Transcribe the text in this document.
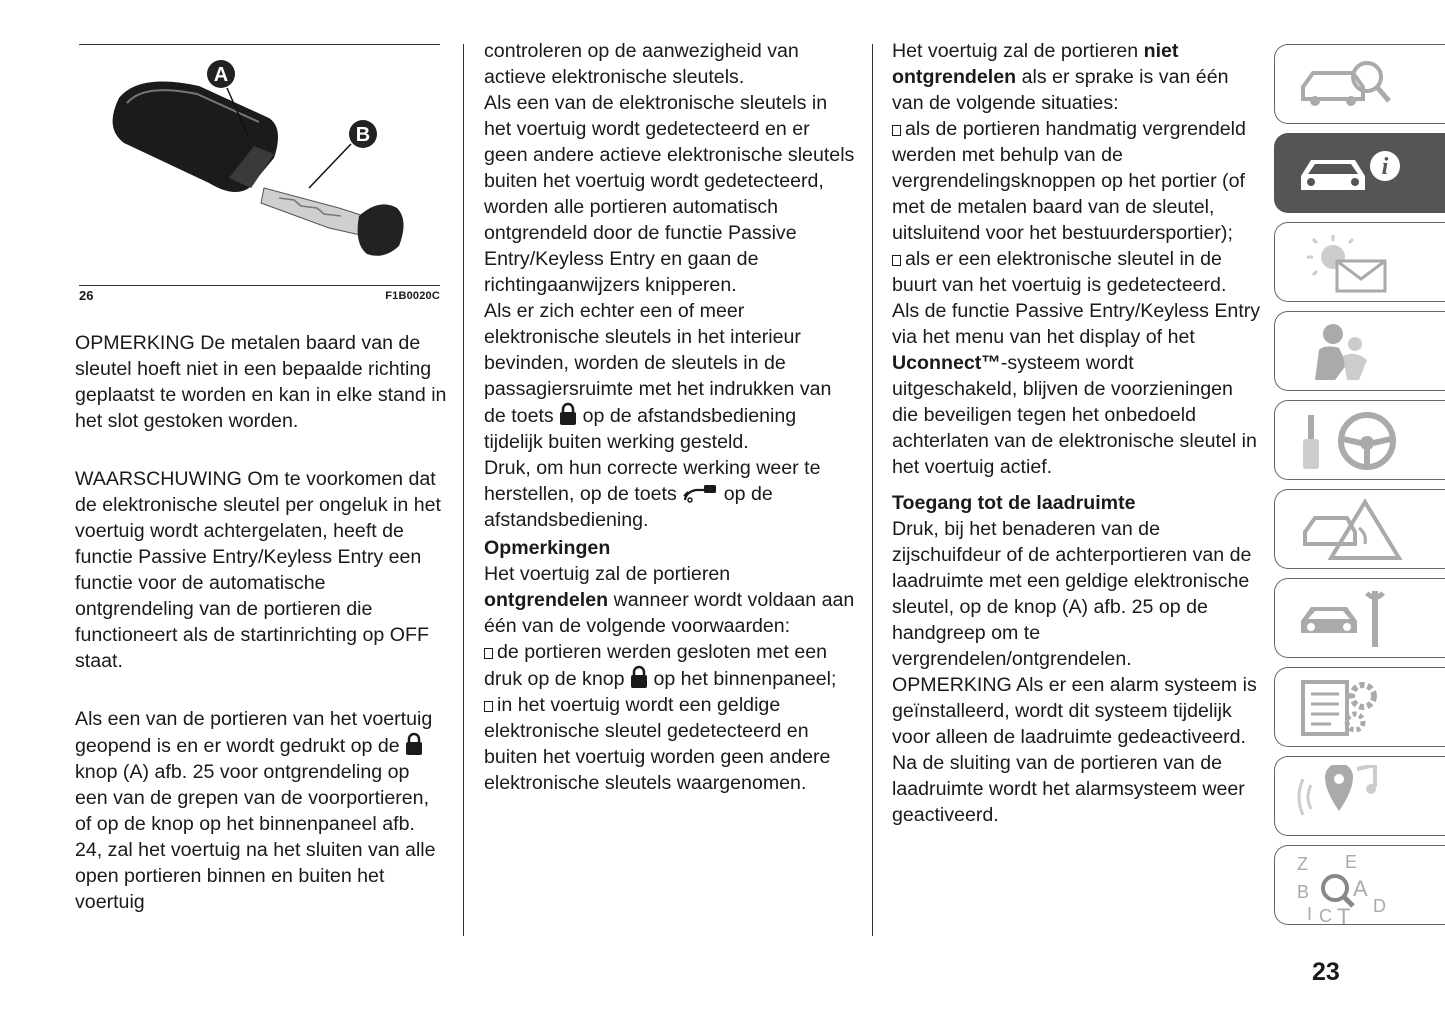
A
B
26	F1B0020C

OPMERKING De metalen baard van de sleutel hoeft niet in een bepaalde richting geplaatst te worden en kan in elke stand in het slot gestoken worden.

WAARSCHUWING Om te voorkomen dat de elektronische sleutel per ongeluk in het voertuig wordt achtergelaten, heeft de functie Passive Entry/Keyless Entry een functie voor de automatische ontgrendeling van de portieren die functioneert als de startinrichting op OFF staat.

Als een van de portieren van het voertuig geopend is en er wordt gedrukt op de  knop (A) afb. 25 voor ontgrendeling op een van de grepen van de voorportieren, of op de knop op het binnenpaneel afb. 24, zal het voertuig na het sluiten van alle open portieren binnen en buiten het voertuig

controleren op de aanwezigheid van actieve elektronische sleutels.

Als een van de elektronische sleutels in het voertuig wordt gedetecteerd en er geen andere actieve elektronische sleutels buiten het voertuig wordt gedetecteerd, worden alle portieren automatisch ontgrendeld door de functie Passive Entry/Keyless Entry en gaan de richtingaanwijzers knipperen.

Als er zich echter een of meer elektronische sleutels in het interieur bevinden, worden de sleutels in de passagiersruimte met het indrukken van de toets op de afstandsbediening tijdelijk buiten werking gesteld.

Druk, om hun correcte werking weer te herstellen, op de toets op de afstandsbediening.

Opmerkingen

Het voertuig zal de portieren ontgrendelen wanneer wordt voldaan aan één van de volgende voorwaarden:

de portieren werden gesloten met een druk op de knop op het binnenpaneel;

in het voertuig wordt een geldige elektronische sleutel gedetecteerd en buiten het voertuig worden geen andere elektronische sleutels waargenomen.

Het voertuig zal de portieren niet ontgrendelen als er sprake is van één van de volgende situaties:

als de portieren handmatig vergrendeld werden met behulp van de vergrendelingsknoppen op het portier (of met de metalen baard van de sleutel, uitsluitend voor het bestuurdersportier);

als er een elektronische sleutel in de buurt van het voertuig is gedetecteerd.

Als de functie Passive Entry/Keyless Entry via het menu van het display of het Uconnect™-systeem wordt uitgeschakeld, blijven de voorzieningen die beveiligen tegen het onbedoeld achterlaten van de elektronische sleutel in het voertuig actief.

Toegang tot de laadruimte

Druk, bij het benaderen van de zijschuifdeur of de achterportieren van de laadruimte met een geldige elektronische sleutel, op de knop (A) afb. 25 op de handgreep om te vergrendelen/ontgrendelen.

OPMERKING Als er een alarm systeem is geïnstalleerd, wordt dit systeem tijdelijk voor alleen de laadruimte gedeactiveerd. Na de sluiting van de portieren van de laadruimte wordt het alarmsysteem weer geactiveerd.

i
Z E
B A
C T D
I
23
